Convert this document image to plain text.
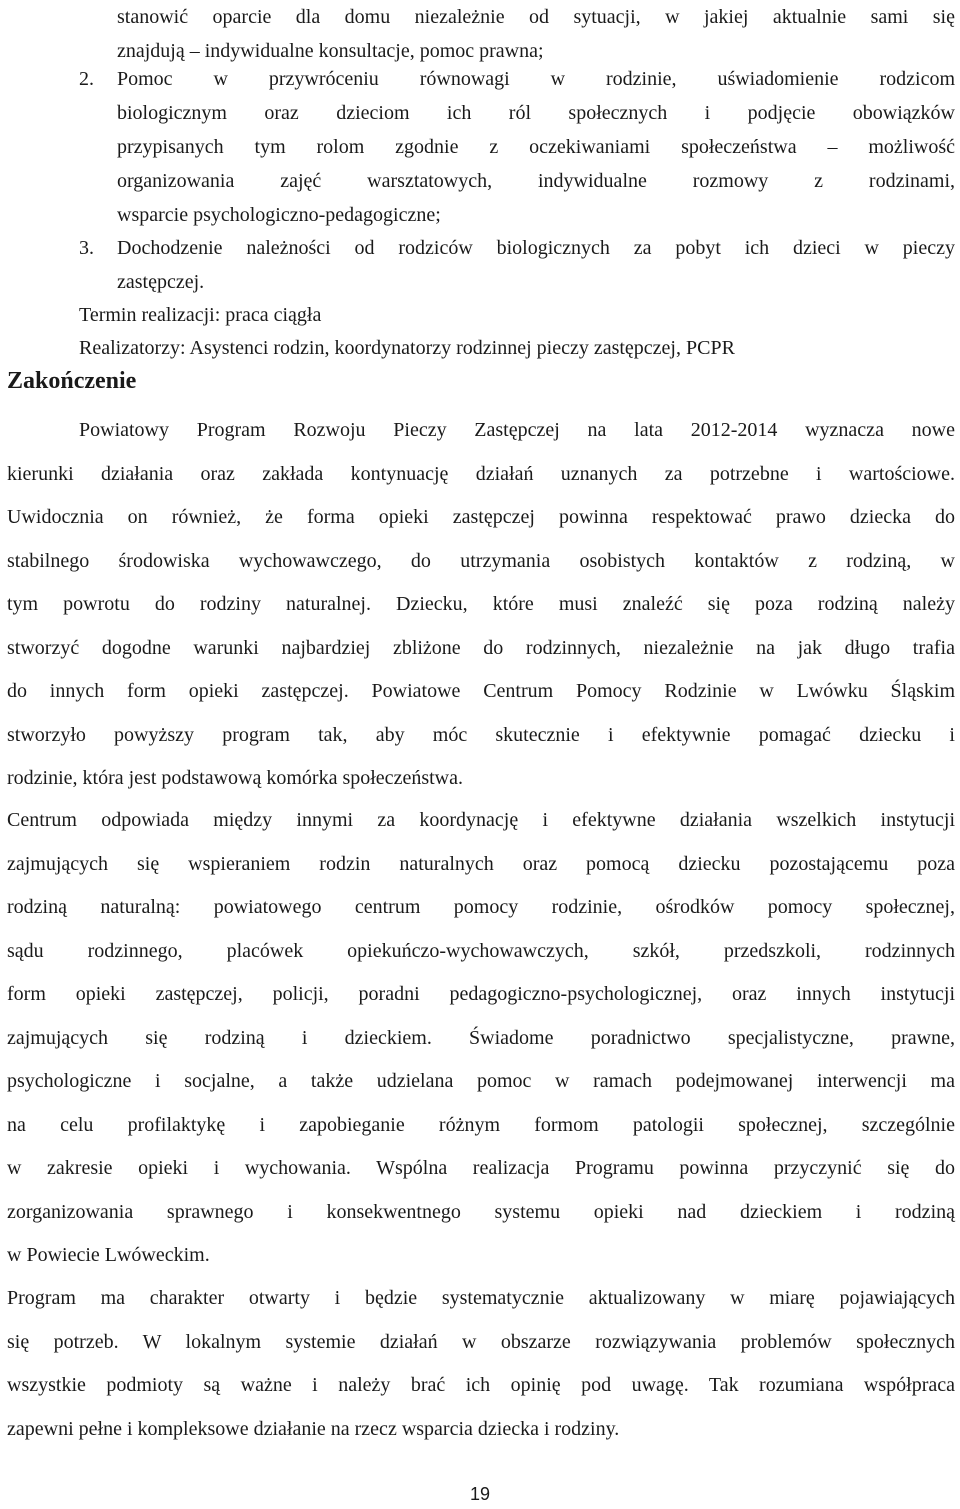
stanowić oparcie dla domu niezależnie od sytuacji, w jakiej aktualnie sami się
znajdują – indywidualne konsultacje, pomoc prawna;
2. Pomoc w przywróceniu równowagi w rodzinie, uświadomienie rodzicom
biologicznym oraz dzieciom ich ról społecznych i podjęcie obowiązków
przypisanych tym rolom zgodnie z oczekiwaniami społeczeństwa – możliwość
organizowania zajęć warsztatowych, indywidualne rozmowy z rodzinami,
wsparcie psychologiczno-pedagogiczne;
3. Dochodzenie należności od rodziców biologicznych za pobyt ich dzieci w pieczy
zastępczej.
Termin realizacji: praca ciągła
Realizatorzy: Asystenci rodzin, koordynatorzy rodzinnej pieczy zastępczej, PCPR
Zakończenie
Powiatowy Program Rozwoju Pieczy Zastępczej na lata 2012-2014 wyznacza nowe
kierunki działania oraz zakłada kontynuację działań uznanych za potrzebne i wartościowe.
Uwidocznia on również, że forma opieki zastępczej powinna respektować prawo dziecka do
stabilnego środowiska wychowawczego, do utrzymania osobistych kontaktów z rodziną, w
tym powrotu do rodziny naturalnej. Dziecku, które musi znaleźć się poza rodziną należy
stworzyć dogodne warunki najbardziej zbliżone do rodzinnych, niezależnie na jak długo trafia
do innych form opieki zastępczej. Powiatowe Centrum Pomocy Rodzinie w Lwówku Śląskim
stworzyło powyższy program tak, aby móc skutecznie i efektywnie pomagać dziecku i
rodzinie, która jest podstawową komórka społeczeństwa.
Centrum odpowiada między innymi za koordynację i efektywne działania wszelkich instytucji
zajmujących się wspieraniem rodzin naturalnych oraz pomocą dziecku pozostającemu poza
rodziną naturalną: powiatowego centrum pomocy rodzinie, ośrodków pomocy społecznej,
sądu rodzinnego, placówek opiekuńczo-wychowawczych, szkół, przedszkoli, rodzinnych
form opieki zastępczej, policji, poradni pedagogiczno-psychologicznej, oraz innych instytucji
zajmujących się rodziną i dzieckiem. Świadome poradnictwo specjalistyczne, prawne,
psychologiczne i socjalne, a także udzielana pomoc w ramach podejmowanej interwencji ma
na celu profilaktykę i zapobieganie różnym formom patologii społecznej, szczególnie
w zakresie opieki i wychowania. Wspólna realizacja Programu powinna przyczynić się do
zorganizowania sprawnego i konsekwentnego systemu opieki nad dzieckiem i rodziną
w Powiecie Lwóweckim.
Program ma charakter otwarty i będzie systematycznie aktualizowany w miarę pojawiających
się potrzeb. W lokalnym systemie działań w obszarze rozwiązywania problemów społecznych
wszystkie podmioty są ważne i należy brać ich opinię pod uwagę. Tak rozumiana współpraca
zapewni pełne i kompleksowe działanie na rzecz wsparcia dziecka i rodziny.
19
